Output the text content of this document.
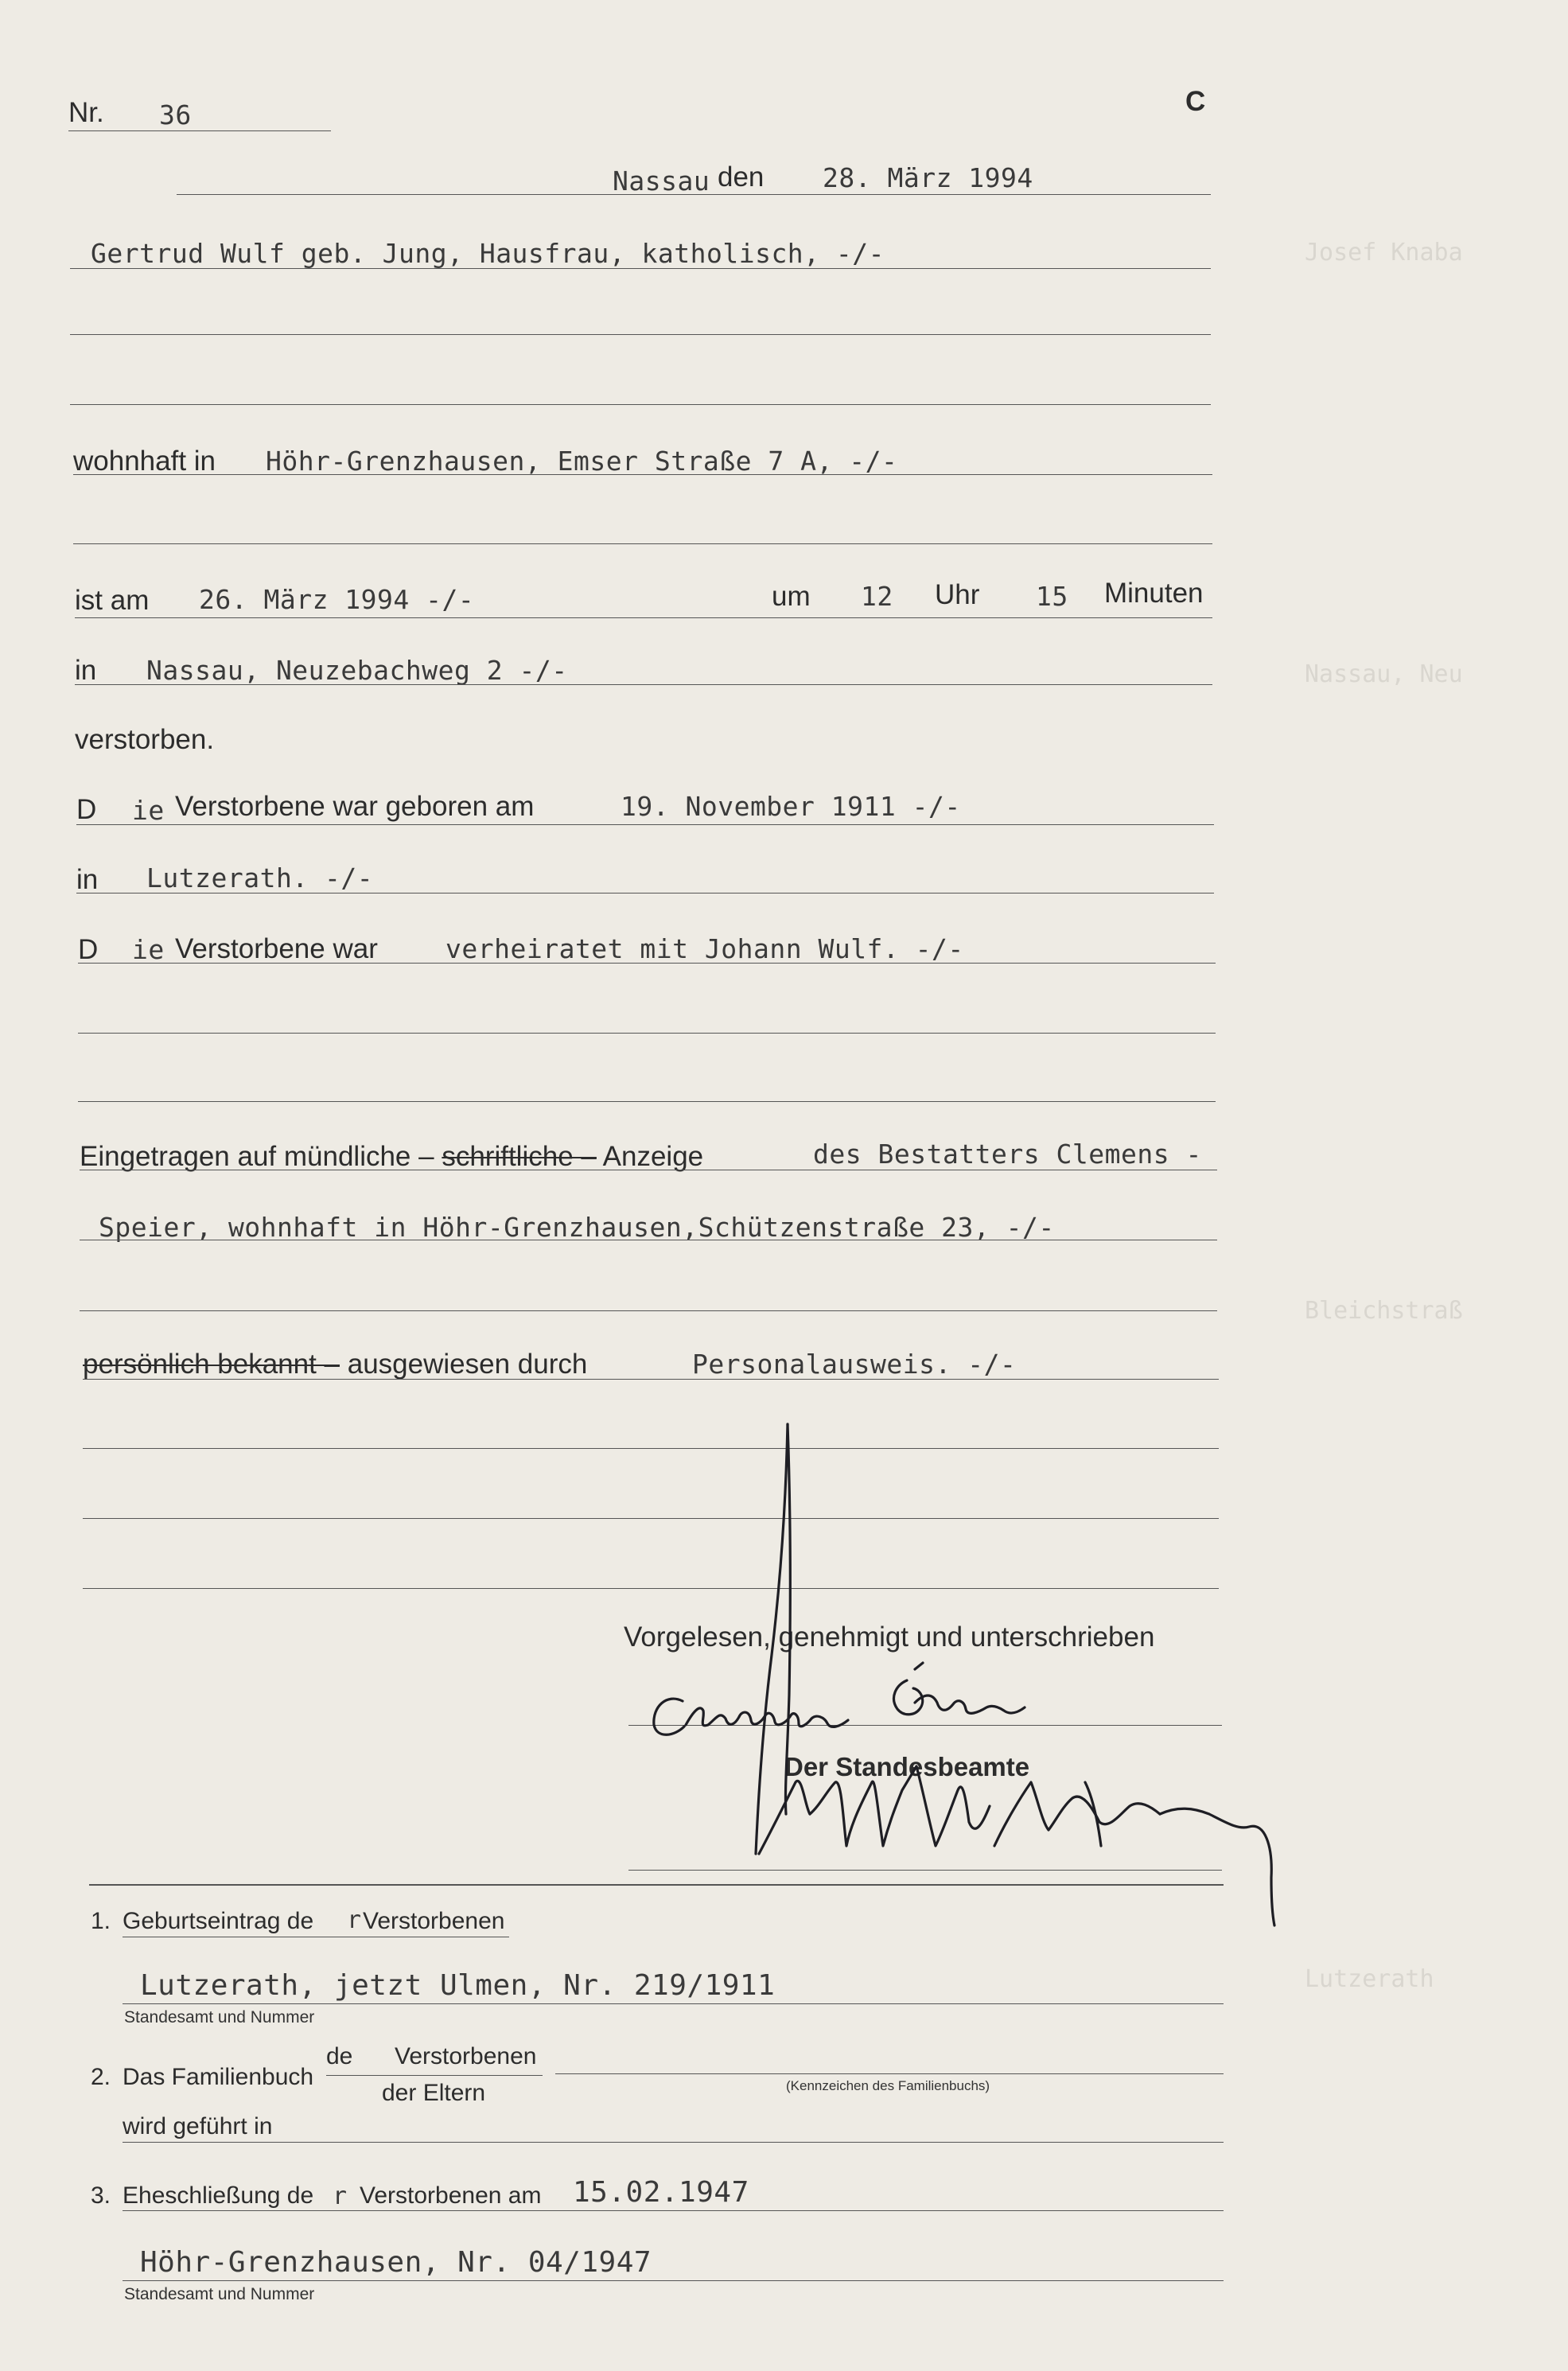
Josef Knaba
Nassau, Neu
Bleichstraß
Lutzerath
Nr. 36	C
Nassau den 28. März 1994
Gertrud Wulf geb. Jung, Hausfrau, katholisch, -/-
wohnhaft in Höhr-Grenzhausen, Emser Straße 7 A, -/-
ist am 26. März 1994 -/-	um 12 Uhr 15 Minuten
in Nassau, Neuzebachweg 2 -/-
verstorben.
D ie Verstorbene war geboren am	19. November 1911 -/-
in Lutzerath. -/-
D ie Verstorbene war	verheiratet mit Johann Wulf. -/-
Eingetragen auf mündliche – schriftliche – Anzeige	des Bestatters Clemens -
Speier, wohnhaft in Höhr-Grenzhausen,Schützenstraße 23, -/-
persönlich bekannt – ausgewiesen durch	Personalausweis. -/-
Vorgelesen, genehmigt und unterschrieben
Der Standesbeamte
1. Geburtseintrag de r Verstorbenen
Lutzerath, jetzt Ulmen, Nr. 219/1911
Standesamt und Nummer
2. Das Familienbuch
de Verstorbenen
der Eltern	(Kennzeichen des Familienbuchs)
wird geführt in
3. Eheschließung de r Verstorbenen am 15.02.1947
Höhr-Grenzhausen, Nr. 04/1947
Standesamt und Nummer
